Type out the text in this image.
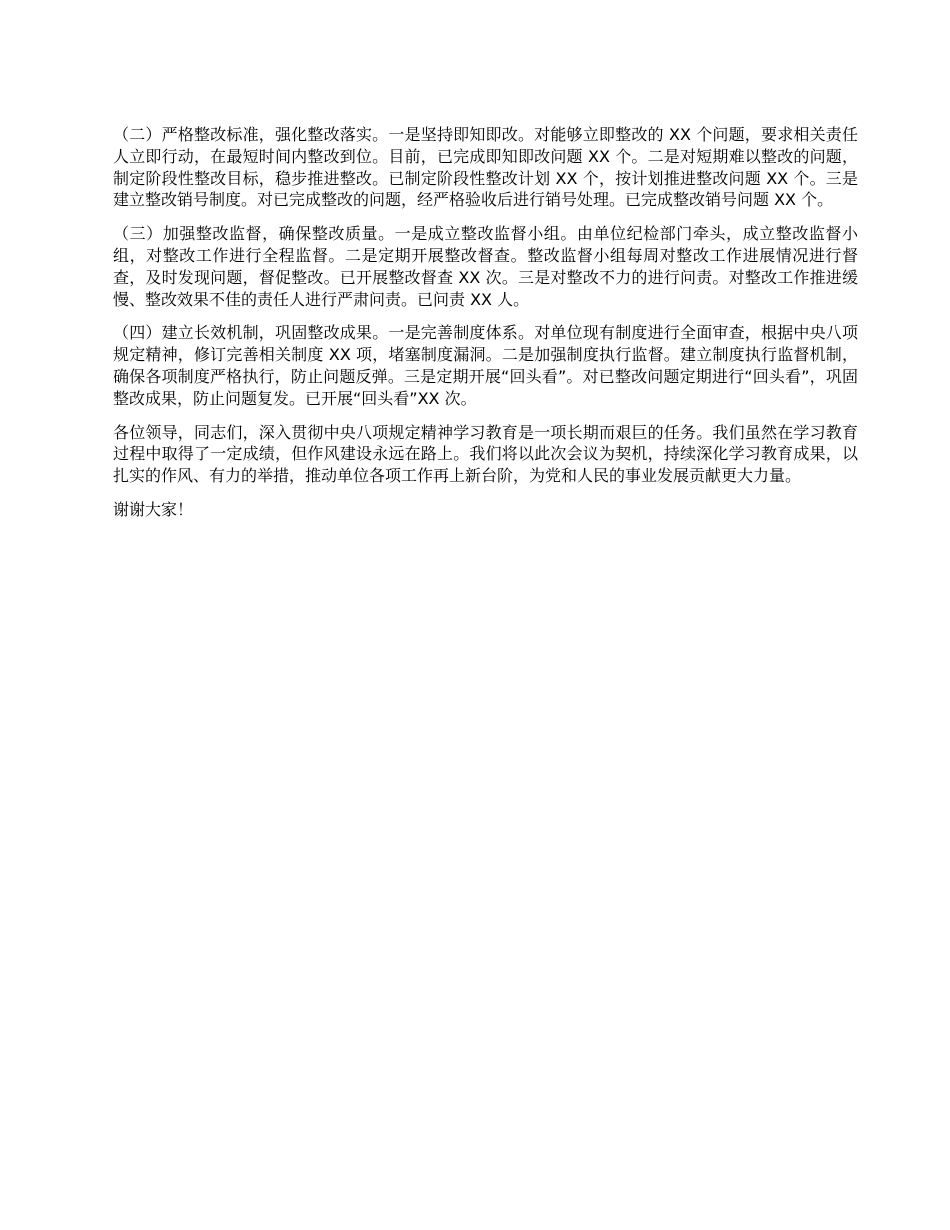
（二）严格整改标准，强化整改落实。一是坚持即知即改。对能够立即整改的 XX 个问题，要求相关责任人立即行动，在最短时间内整改到位。目前，已完成即知即改问题 XX 个。二是对短期难以整改的问题，制定阶段性整改目标，稳步推进整改。已制定阶段性整改计划 XX 个，按计划推进整改问题 XX 个。三是建立整改销号制度。对已完成整改的问题，经严格验收后进行销号处理。已完成整改销号问题 XX 个。

（三）加强整改监督，确保整改质量。一是成立整改监督小组。由单位纪检部门牵头，成立整改监督小组，对整改工作进行全程监督。二是定期开展整改督查。整改监督小组每周对整改工作进展情况进行督查，及时发现问题，督促整改。已开展整改督查 XX 次。三是对整改不力的进行问责。对整改工作推进缓慢、整改效果不佳的责任人进行严肃问责。已问责 XX 人。

（四）建立长效机制，巩固整改成果。一是完善制度体系。对单位现有制度进行全面审查，根据中央八项规定精神，修订完善相关制度 XX 项，堵塞制度漏洞。二是加强制度执行监督。建立制度执行监督机制，确保各项制度严格执行，防止问题反弹。三是定期开展“回头看”。对已整改问题定期进行“回头看”，巩固整改成果，防止问题复发。已开展“回头看”XX 次。

各位领导，同志们，深入贯彻中央八项规定精神学习教育是一项长期而艰巨的任务。我们虽然在学习教育过程中取得了一定成绩，但作风建设永远在路上。我们将以此次会议为契机，持续深化学习教育成果，以扎实的作风、有力的举措，推动单位各项工作再上新台阶，为党和人民的事业发展贡献更大力量。

谢谢大家！
